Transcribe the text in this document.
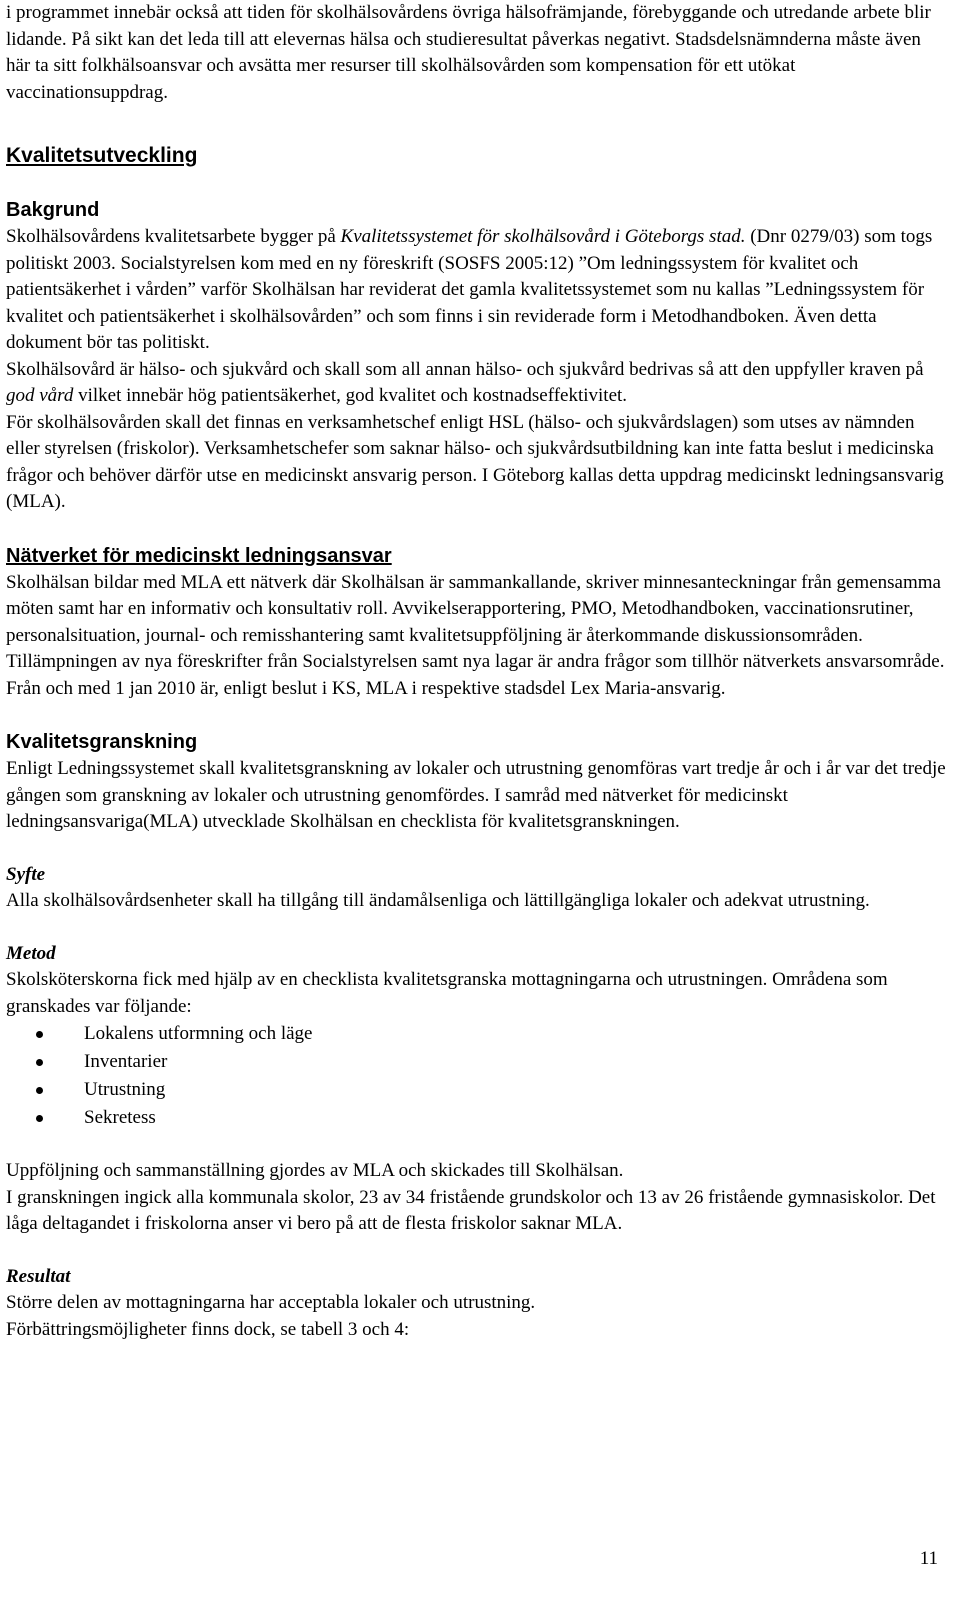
i programmet innebär också att tiden för skolhälsovårdens övriga hälsofrämjande, förebyggande och utredande arbete blir lidande. På sikt kan det leda till att elevernas hälsa och studieresultat påverkas negativt. Stadsdelsnämnderna måste även här ta sitt folkhälsoansvar och avsätta mer resurser till skolhälsovården som kompensation för ett utökat vaccinationsuppdrag.

Kvalitetsutveckling
Bakgrund

Skolhälsovårdens kvalitetsarbete bygger på Kvalitetssystemet för skolhälsovård i Göteborgs stad. (Dnr 0279/03) som togs politiskt 2003. Socialstyrelsen kom med en ny föreskrift (SOSFS 2005:12) ”Om ledningssystem för kvalitet och patientsäkerhet i vården” varför Skolhälsan har reviderat det gamla kvalitetssystemet som nu kallas ”Ledningssystem för kvalitet och patientsäkerhet i skolhälsovården” och som finns i sin reviderade form i Metodhandboken. Även detta dokument bör tas politiskt.

Skolhälsovård är hälso- och sjukvård och skall som all annan hälso- och sjukvård bedrivas så att den uppfyller kraven på god vård vilket innebär hög patientsäkerhet, god kvalitet och kostnadseffektivitet.

För skolhälsovården skall det finnas en verksamhetschef enligt HSL (hälso- och sjukvårdslagen) som utses av nämnden eller styrelsen (friskolor). Verksamhetschefer som saknar hälso- och sjukvårdsutbildning kan inte fatta beslut i medicinska frågor och behöver därför utse en medicinskt ansvarig person. I Göteborg kallas detta uppdrag medicinskt ledningsansvarig (MLA).

Nätverket för medicinskt ledningsansvar

Skolhälsan bildar med MLA ett nätverk där Skolhälsan är sammankallande, skriver minnesanteckningar från gemensamma möten samt har en informativ och konsultativ roll. Avvikelserapportering, PMO, Metodhandboken, vaccinationsrutiner, personalsituation, journal- och remisshantering samt kvalitetsuppföljning är återkommande diskussionsområden. Tillämpningen av nya föreskrifter från Socialstyrelsen samt nya lagar är andra frågor som tillhör nätverkets ansvarsområde. Från och med 1 jan 2010 är, enligt beslut i KS, MLA i respektive stadsdel Lex Maria-ansvarig.

Kvalitetsgranskning

Enligt Ledningssystemet skall kvalitetsgranskning av lokaler och utrustning genomföras vart tredje år och i år var det tredje gången som granskning av lokaler och utrustning genomfördes. I samråd med nätverket för medicinskt ledningsansvariga(MLA) utvecklade Skolhälsan en checklista för kvalitetsgranskningen.

Syfte

Alla skolhälsovårdsenheter skall ha tillgång till ändamålsenliga och lättillgängliga lokaler och adekvat utrustning.

Metod

Skolsköterskorna fick med hjälp av en checklista kvalitetsgranska mottagningarna och utrustningen. Områdena som granskades var följande:

Lokalens utformning och läge
Inventarier
Utrustning
Sekretess

Uppföljning och sammanställning gjordes av MLA och skickades till Skolhälsan.

I granskningen ingick alla kommunala skolor, 23 av 34 fristående grundskolor och 13 av 26 fristående gymnasiskolor. Det låga deltagandet i friskolorna anser vi bero på att de flesta friskolor saknar MLA.

Resultat

Större delen av mottagningarna har acceptabla lokaler och utrustning.

Förbättringsmöjligheter finns dock, se tabell 3 och 4:

11
